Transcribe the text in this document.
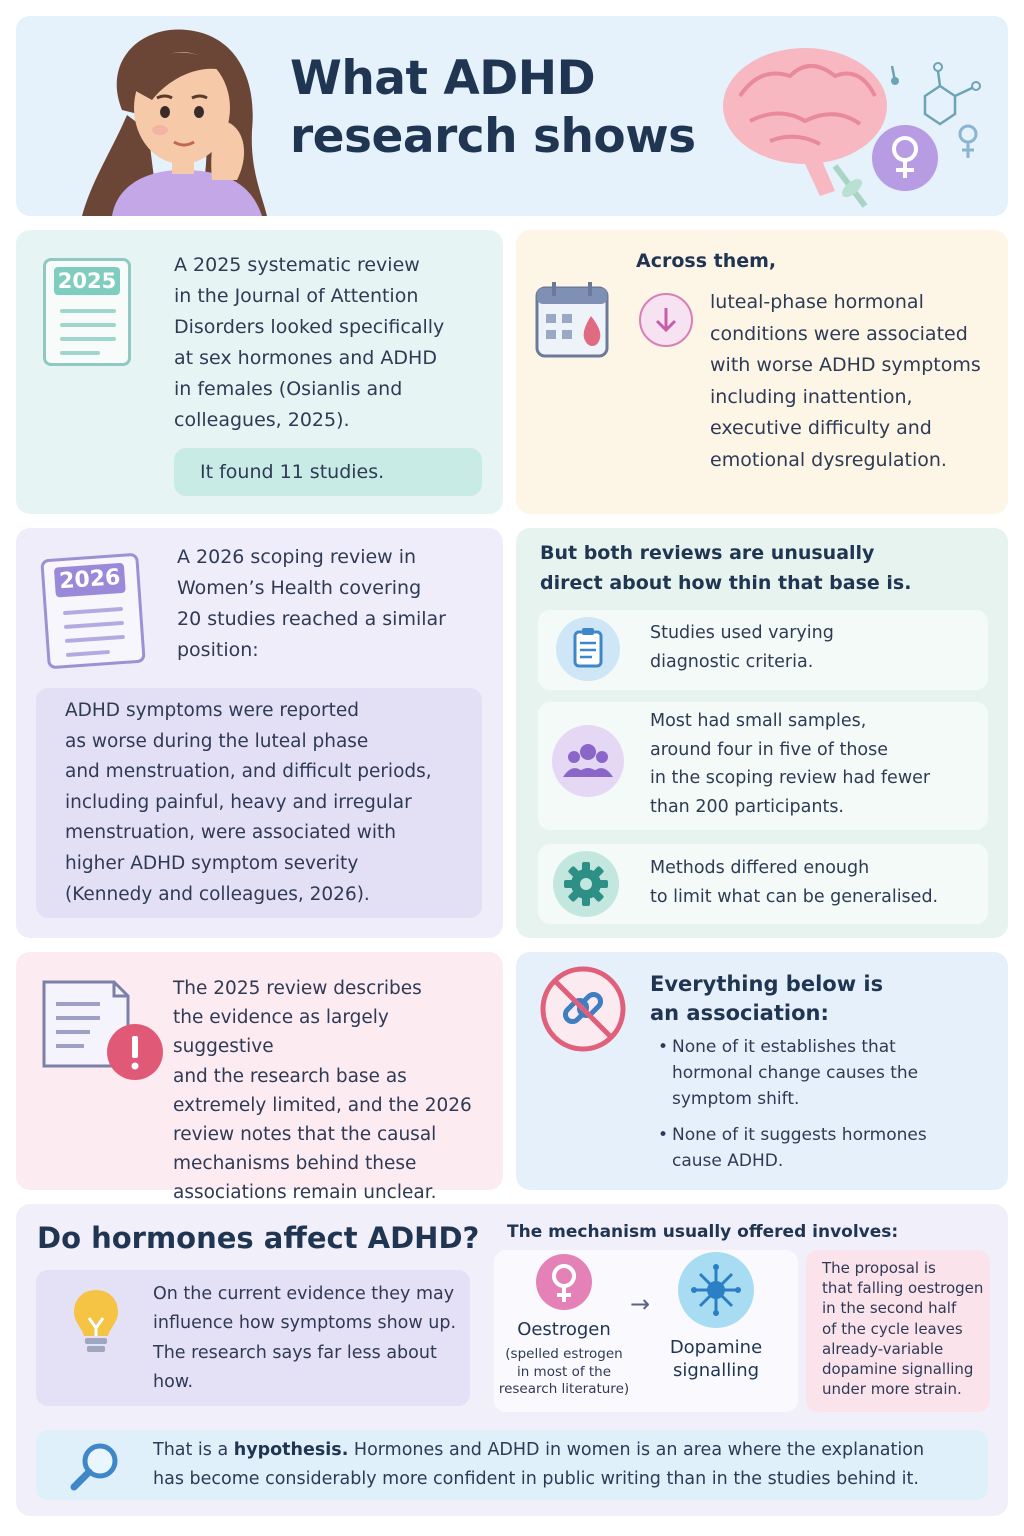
What ADHD
research shows
2025
A 2025 systematic review
in the Journal of Attention
Disorders looked specifically
at sex hormones and ADHD
in females (Osianlis and
colleagues, 2025).
It found 11 studies.
Across them,
luteal-phase hormonal
conditions were associated
with worse ADHD symptoms
including inattention,
executive difficulty and
emotional dysregulation.
2026
A 2026 scoping review in
Women’s Health covering
20 studies reached a similar
position:
ADHD symptoms were reported
as worse during the luteal phase
and menstruation, and difficult periods,
including painful, heavy and irregular
menstruation, were associated with
higher ADHD symptom severity
(Kennedy and colleagues, 2026).
But both reviews are unusually
direct about how thin that base is.
Studies used varying
diagnostic criteria.
Most had small samples,
around four in five of those
in the scoping review had fewer
than 200 participants.
Methods differed enough
to limit what can be generalised.
The 2025 review describes
the evidence as largely suggestive
and the research base as
extremely limited, and the 2026
review notes that the causal
mechanisms behind these
associations remain unclear.
Everything below is
an association:
• None of it establishes that
hormonal change causes the
symptom shift.
• None of it suggests hormones
cause ADHD.
Do hormones affect ADHD?
On the current evidence they may
influence how symptoms show up.
The research says far less about
how.
The mechanism usually offered involves:
Oestrogen
(spelled estrogen
in most of the
research literature)
→
Dopamine
signalling
The proposal is
that falling oestrogen
in the second half
of the cycle leaves
already-variable
dopamine signalling
under more strain.
That is a hypothesis. Hormones and ADHD in women is an area where the explanation
has become considerably more confident in public writing than in the studies behind it.
